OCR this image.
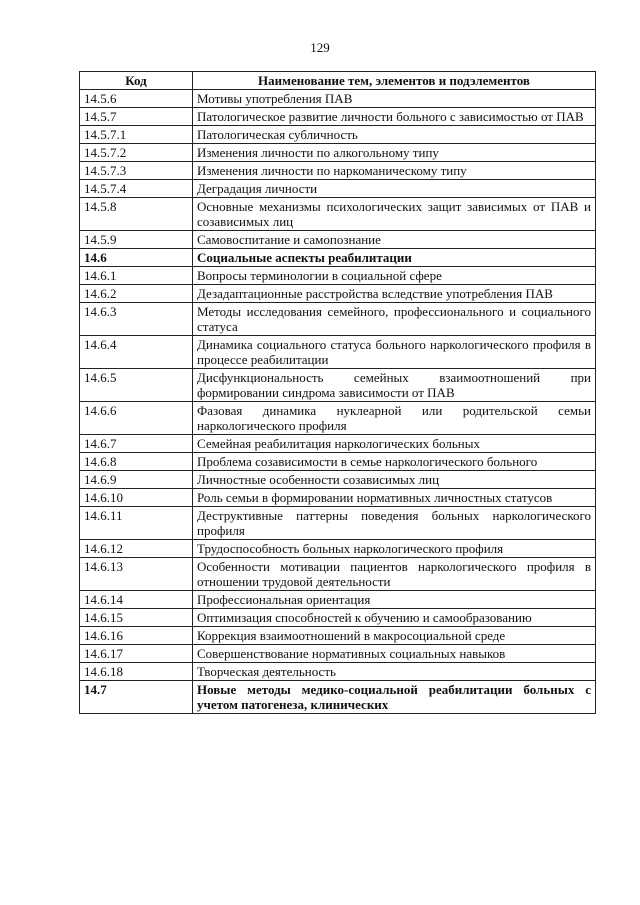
129
Код	Наименование тем, элементов и подэлементов
14.5.6	Мотивы употребления ПАВ
14.5.7	Патологическое развитие личности больного с зависимостью от ПАВ
14.5.7.1	Патологическая субличность
14.5.7.2	Изменения личности по алкогольному типу
14.5.7.3	Изменения личности по наркоманическому типу
14.5.7.4	Деградация личности
14.5.8	Основные механизмы психологических защит зависимых от ПАВ и созависимых лиц
14.5.9	Самовоспитание и самопознание
14.6	Социальные аспекты реабилитации
14.6.1	Вопросы терминологии в социальной сфере
14.6.2	Дезадаптационные расстройства вследствие употребления ПАВ
14.6.3	Методы исследования семейного, профессионального и социального статуса
14.6.4	Динамика социального статуса больного наркологического профиля в процессе реабилитации
14.6.5	Дисфункциональность семейных взаимоотношений при формировании синдрома зависимости от ПАВ
14.6.6	Фазовая динамика нуклеарной или родительской семьи наркологического профиля
14.6.7	Семейная реабилитация наркологических больных
14.6.8	Проблема созависимости в семье наркологического больного
14.6.9	Личностные особенности созависимых лиц
14.6.10	Роль семьи в формировании нормативных личностных статусов
14.6.11	Деструктивные паттерны поведения больных наркологического профиля
14.6.12	Трудоспособность больных наркологического профиля
14.6.13	Особенности мотивации пациентов наркологического профиля в отношении трудовой деятельности
14.6.14	Профессиональная ориентация
14.6.15	Оптимизация способностей к обучению и самообразованию
14.6.16	Коррекция взаимоотношений в макросоциальной среде
14.6.17	Совершенствование нормативных социальных навыков
14.6.18	Творческая деятельность
14.7	Новые методы медико-социальной реабилитации больных с учетом патогенеза, клинических
